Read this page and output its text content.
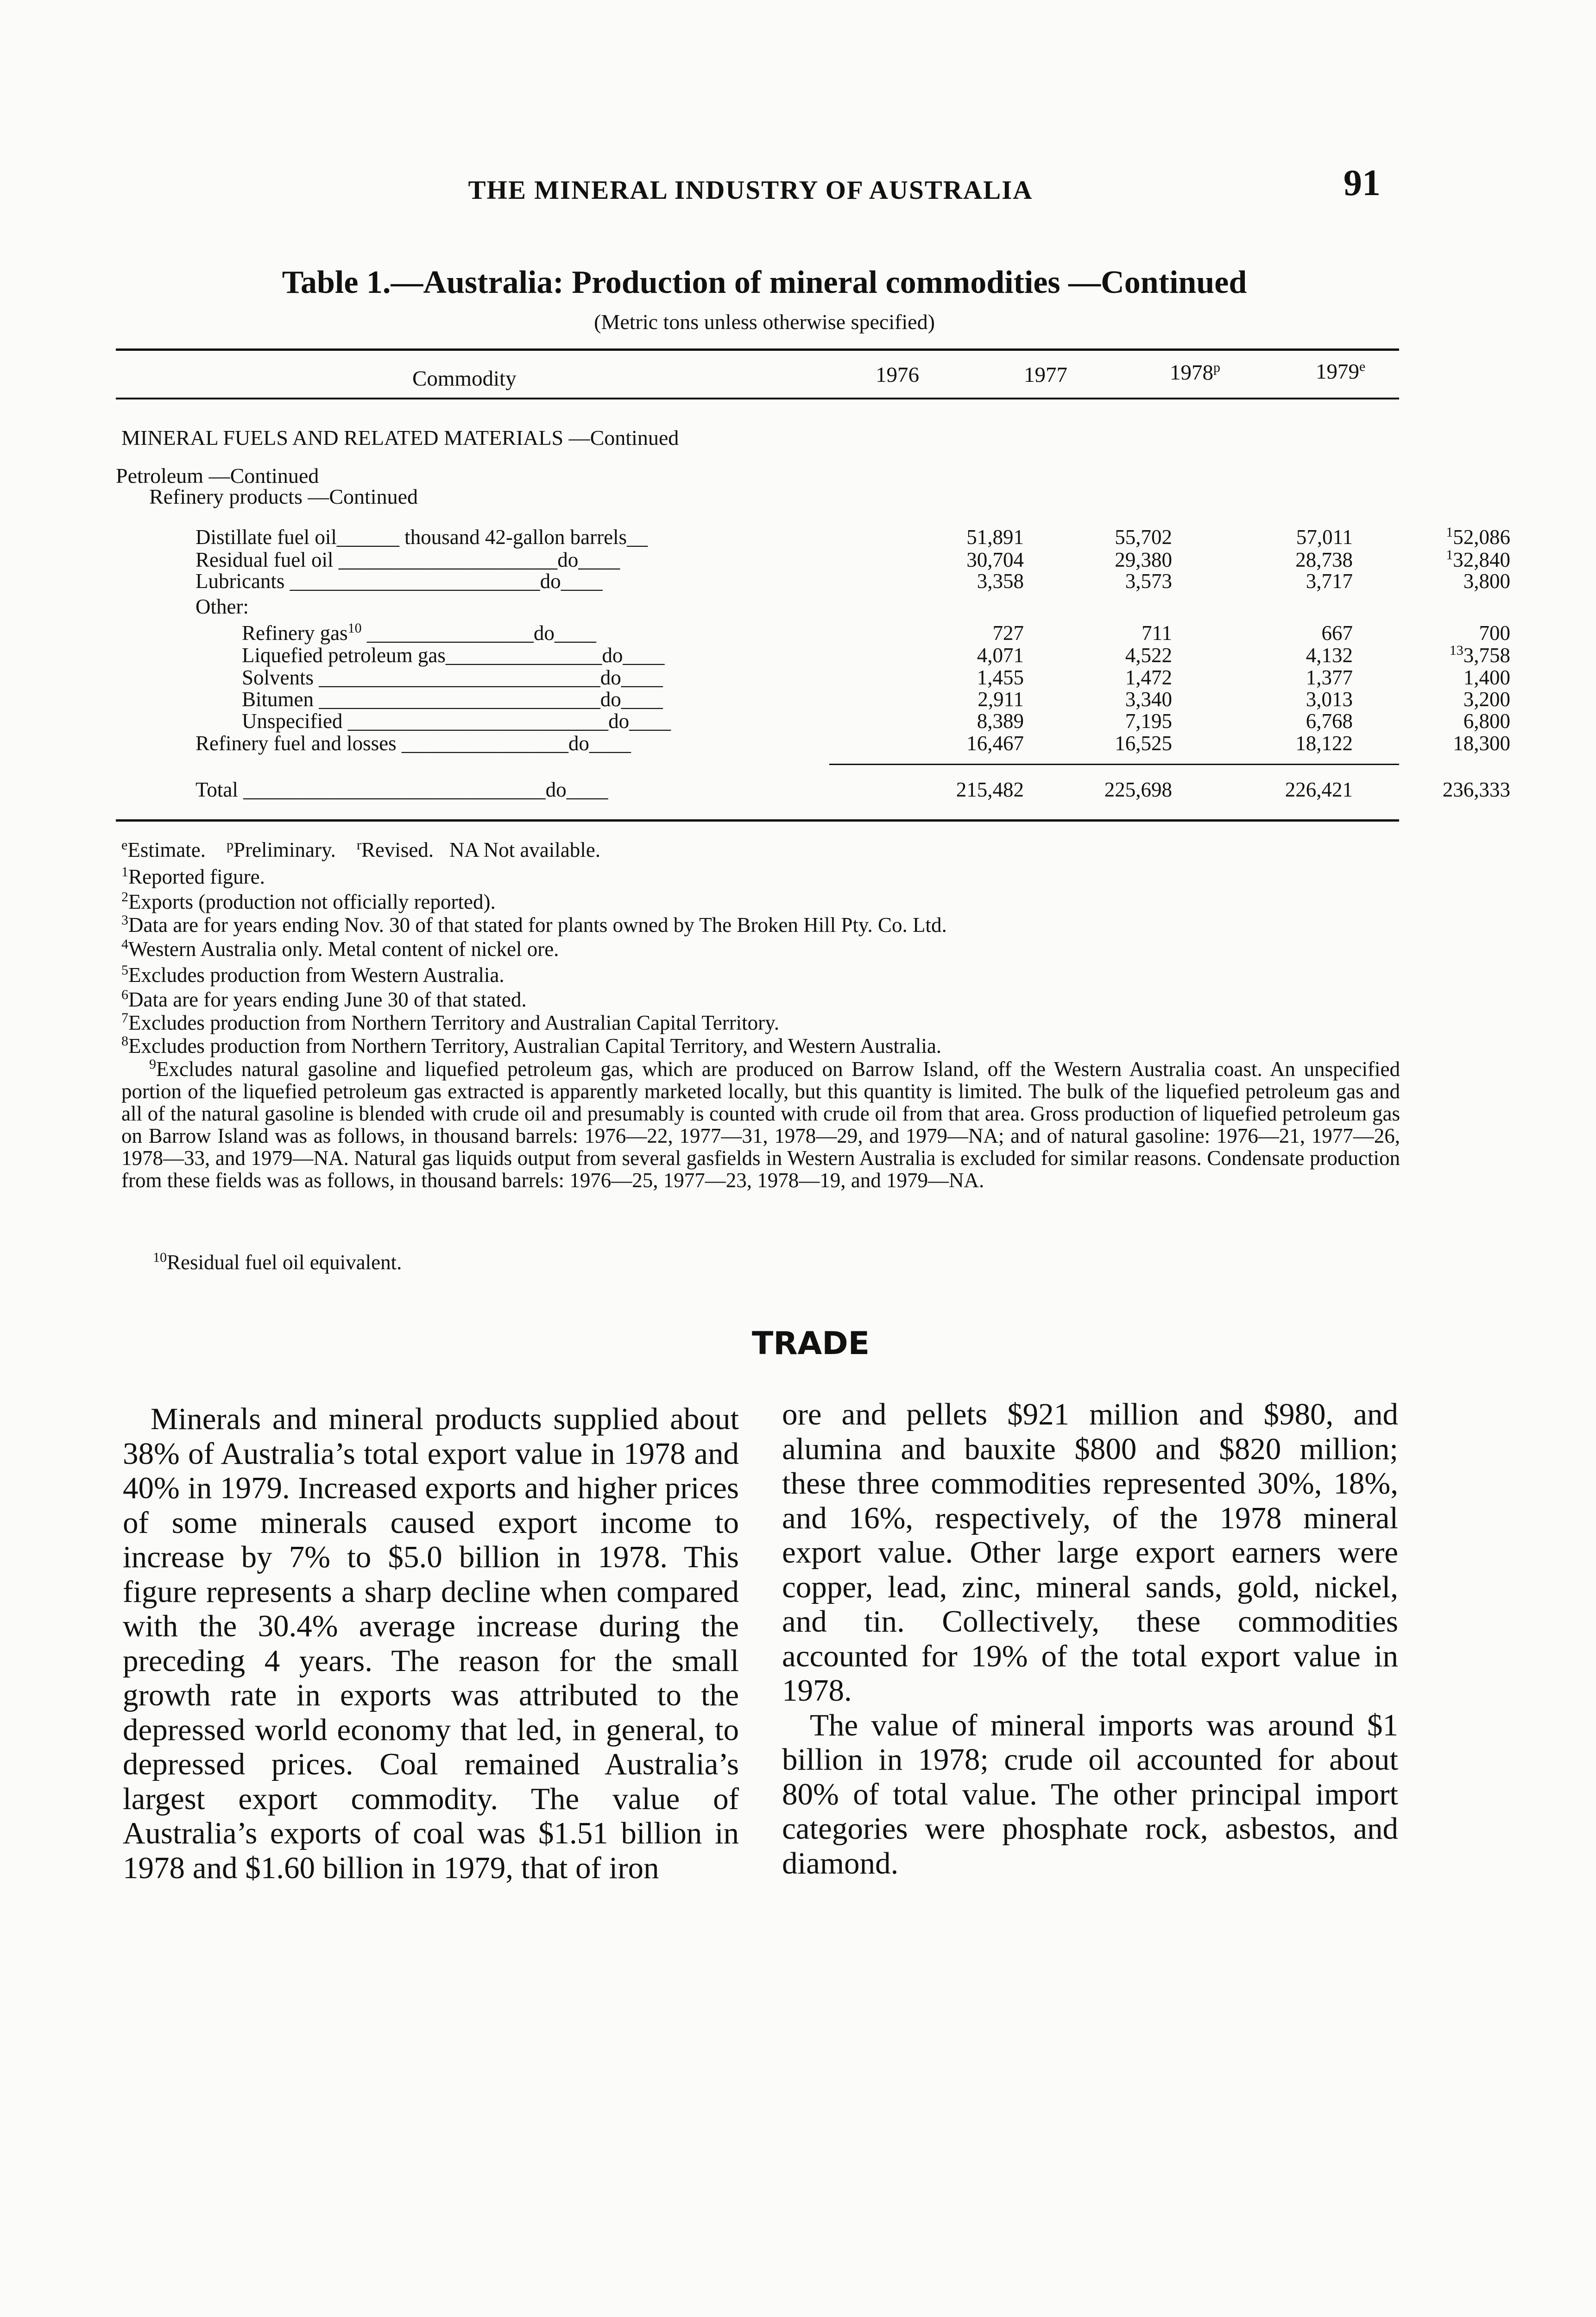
THE MINERAL INDUSTRY OF AUSTRALIA	91
Table 1.—Australia: Production of mineral commodities —Continued
(Metric tons unless otherwise specified)
Commodity	1976	1977	1978$^p$	1979e
MINERAL FUELS AND RELATED MATERIALS —Continued
Petroleum —Continued
Refinery products —Continued
Distillate fuel oil______ thousand 42-gallon barrels__	51,891	55,702	57,011	$^1$52,086
Residual fuel oil _____________________do____	30,704	29,380	28,738	$^1$32,840
Lubricants ________________________do____	3,358	3,573	3,717	3,800
Other:
Refinery gas$^{10}$ ________________do____	727	711	667	700
Liquefied petroleum gas_______________do____	4,071	4,522	4,132	$^{13}$3,758
Solvents ___________________________do____	1,455	1,472	1,377	1,400
Bitumen ___________________________do____	2,911	3,340	3,013	3,200
Unspecified _________________________do____	8,389	7,195	6,768	6,800
Refinery fuel and losses ________________do____	16,467	16,525	18,122	18,300
Total _____________________________do____	215,482	225,698	226,421	236,333
$^e$Estimate. $^p$Preliminary. $^r$Revised. NA Not available.
$^1$Reported figure.
$^2$Exports (production not officially reported).
$^3$Data are for years ending Nov. 30 of that stated for plants owned by The Broken Hill Pty. Co. Ltd.
$^4$Western Australia only. Metal content of nickel ore.
$^5$Excludes production from Western Australia.
$^6$Data are for years ending June 30 of that stated.
$^7$Excludes production from Northern Territory and Australian Capital Territory.
$^8$Excludes production from Northern Territory, Australian Capital Territory, and Western Australia.
$^9$Excludes natural gasoline and liquefied petroleum gas, which are produced on Barrow Island, off the Western Australia coast. An unspecified portion of the liquefied petroleum gas extracted is apparently marketed locally, but this quantity is limited. The bulk of the liquefied petroleum gas and all of the natural gasoline is blended with crude oil and presumably is counted with crude oil from that area. Gross production of liquefied petroleum gas on Barrow Island was as follows, in thousand barrels: 1976—22, 1977—31, 1978—29, and 1979—NA; and of natural gasoline: 1976—21, 1977—26, 1978—33, and 1979—NA. Natural gas liquids output from several gasfields in Western Australia is excluded for similar reasons. Condensate production from these fields was as follows, in thousand barrels: 1976—25, 1977—23, 1978—19, and 1979—NA.
$^{10}$Residual fuel oil equivalent.
TRADE

Minerals and mineral products supplied about 38% of Australia’s total export value in 1978 and 40% in 1979. Increased exports and higher prices of some minerals caused export income to increase by 7% to $5.0 billion in 1978. This figure represents a sharp decline when compared with the 30.4% average increase during the preceding 4 years. The reason for the small growth rate in exports was attributed to the depressed world economy that led, in general, to depressed prices. Coal remained Australia’s largest export commodity. The value of Australia’s exports of coal was $1.51 billion in 1978 and $1.60 billion in 1979, that of iron

ore and pellets $921 million and $980, and alumina and bauxite $800 and $820 million; these three commodities represented 30%, 18%, and 16%, respectively, of the 1978 mineral export value. Other large export earners were copper, lead, zinc, mineral sands, gold, nickel, and tin. Collectively, these commodities accounted for 19% of the total export value in 1978.

The value of mineral imports was around $1 billion in 1978; crude oil accounted for about 80% of total value. The other principal import categories were phosphate rock, asbestos, and diamond.
